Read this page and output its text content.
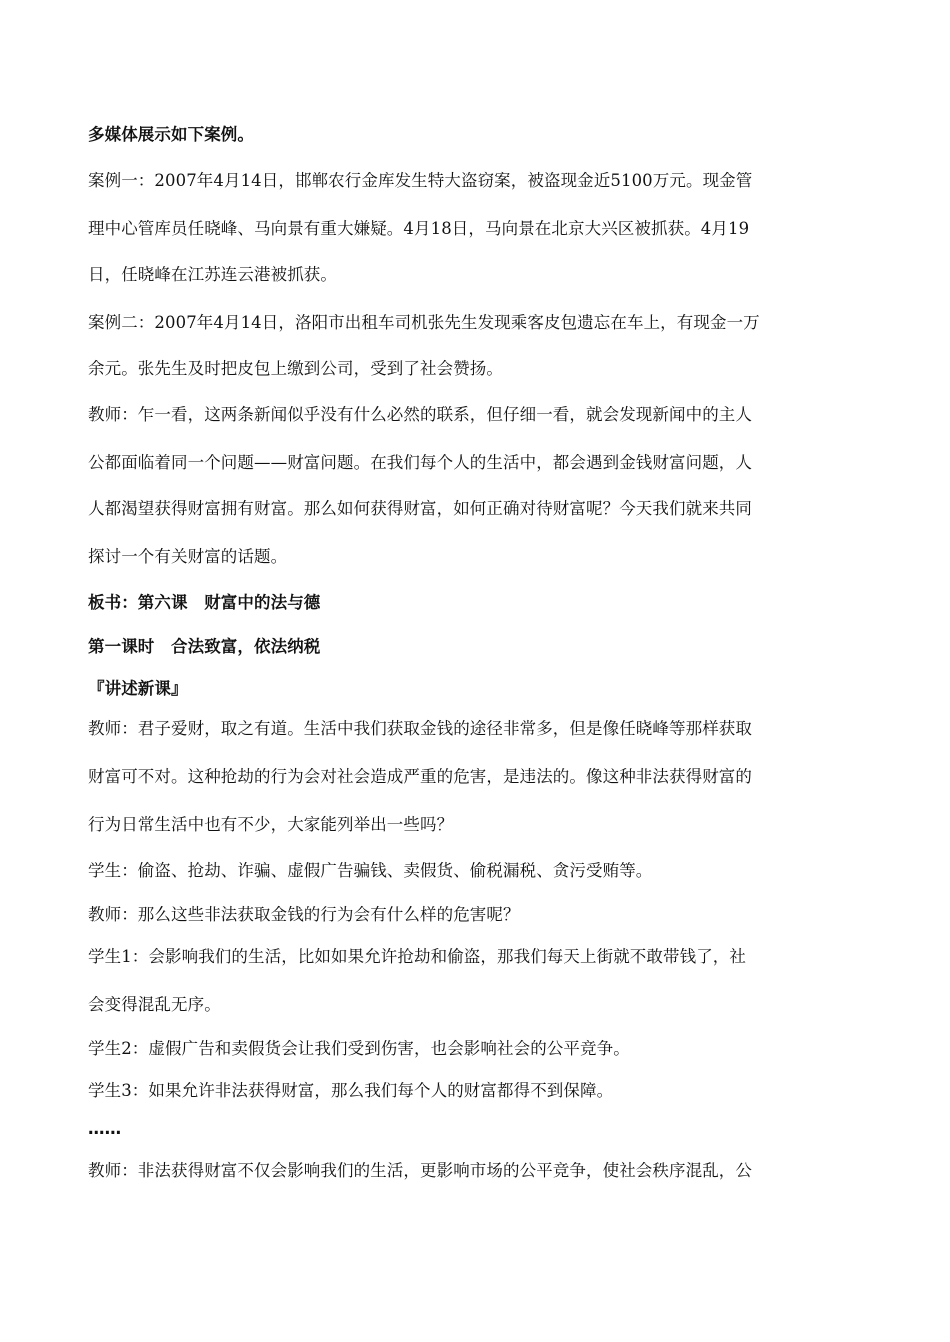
多媒体展示如下案例。
案例一：2007年4月14日，邯郸农行金库发生特大盗窃案，被盗现金近5100万元。现金管
理中心管库员任晓峰、马向景有重大嫌疑。4月18日，马向景在北京大兴区被抓获。4月19
日，任晓峰在江苏连云港被抓获。
案例二：2007年4月14日，洛阳市出租车司机张先生发现乘客皮包遗忘在车上，有现金一万
余元。张先生及时把皮包上缴到公司，受到了社会赞扬。
教师：乍一看，这两条新闻似乎没有什么必然的联系，但仔细一看，就会发现新闻中的主人
公都面临着同一个问题——财富问题。在我们每个人的生活中，都会遇到金钱财富问题，人
人都渴望获得财富拥有财富。那么如何获得财富，如何正确对待财富呢？今天我们就来共同
探讨一个有关财富的话题。
板书：第六课　财富中的法与德
第一课时　合法致富，依法纳税
『讲述新课』
教师：君子爱财，取之有道。生活中我们获取金钱的途径非常多，但是像任晓峰等那样获取
财富可不对。这种抢劫的行为会对社会造成严重的危害，是违法的。像这种非法获得财富的
行为日常生活中也有不少，大家能列举出一些吗？
学生：偷盗、抢劫、诈骗、虚假广告骗钱、卖假货、偷税漏税、贪污受贿等。
教师：那么这些非法获取金钱的行为会有什么样的危害呢？
学生1：会影响我们的生活，比如如果允许抢劫和偷盗，那我们每天上街就不敢带钱了，社
会变得混乱无序。
学生2：虚假广告和卖假货会让我们受到伤害，也会影响社会的公平竞争。
学生3：如果允许非法获得财富，那么我们每个人的财富都得不到保障。
……
教师：非法获得财富不仅会影响我们的生活，更影响市场的公平竞争，使社会秩序混乱，公
